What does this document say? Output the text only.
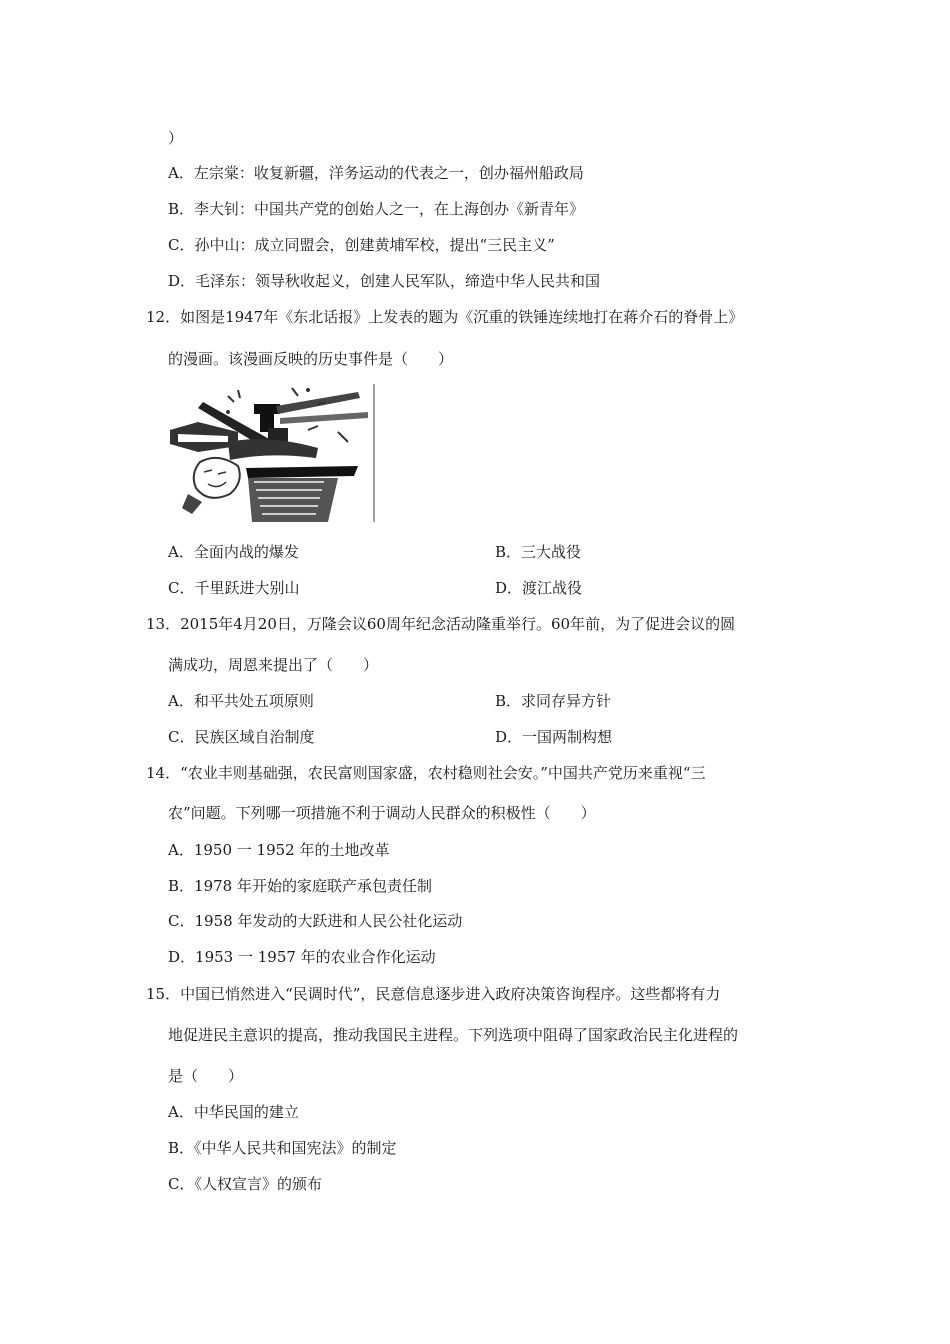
）
A．左宗棠：收复新疆，洋务运动的代表之一，创办福州船政局
B．李大钊：中国共产党的创始人之一，在上海创办《新青年》
C．孙中山：成立同盟会，创建黄埔军校，提出“三民主义”
D．毛泽东：领导秋收起义，创建人民军队，缔造中华人民共和国
12．如图是1947年《东北话报》上发表的题为《沉重的铁锤连续地打在蒋介石的脊骨上》
的漫画。该漫画反映的历史事件是（　　）
A．全面内战的爆发	B．三大战役
C．千里跃进大别山	D．渡江战役
13．2015年4月20日，万隆会议60周年纪念活动隆重举行。60年前，为了促进会议的圆
满成功，周恩来提出了（　　）
A．和平共处五项原则	B．求同存异方针
C．民族区域自治制度	D．一国两制构想
14．“农业丰则基础强，农民富则国家盛，农村稳则社会安。”中国共产党历来重视“三
农”问题。下列哪一项措施不利于调动人民群众的积极性（　　）
A．1950 一 1952 年的土地改革
B．1978 年开始的家庭联产承包责任制
C．1958 年发动的大跃进和人民公社化运动
D．1953 一 1957 年的农业合作化运动
15．中国已悄然进入“民调时代”，民意信息逐步进入政府决策咨询程序。这些都将有力
地促进民主意识的提高，推动我国民主进程。下列选项中阻碍了国家政治民主化进程的
是（　　）
A．中华民国的建立
B．《中华人民共和国宪法》的制定
C．《人权宣言》的颁布
